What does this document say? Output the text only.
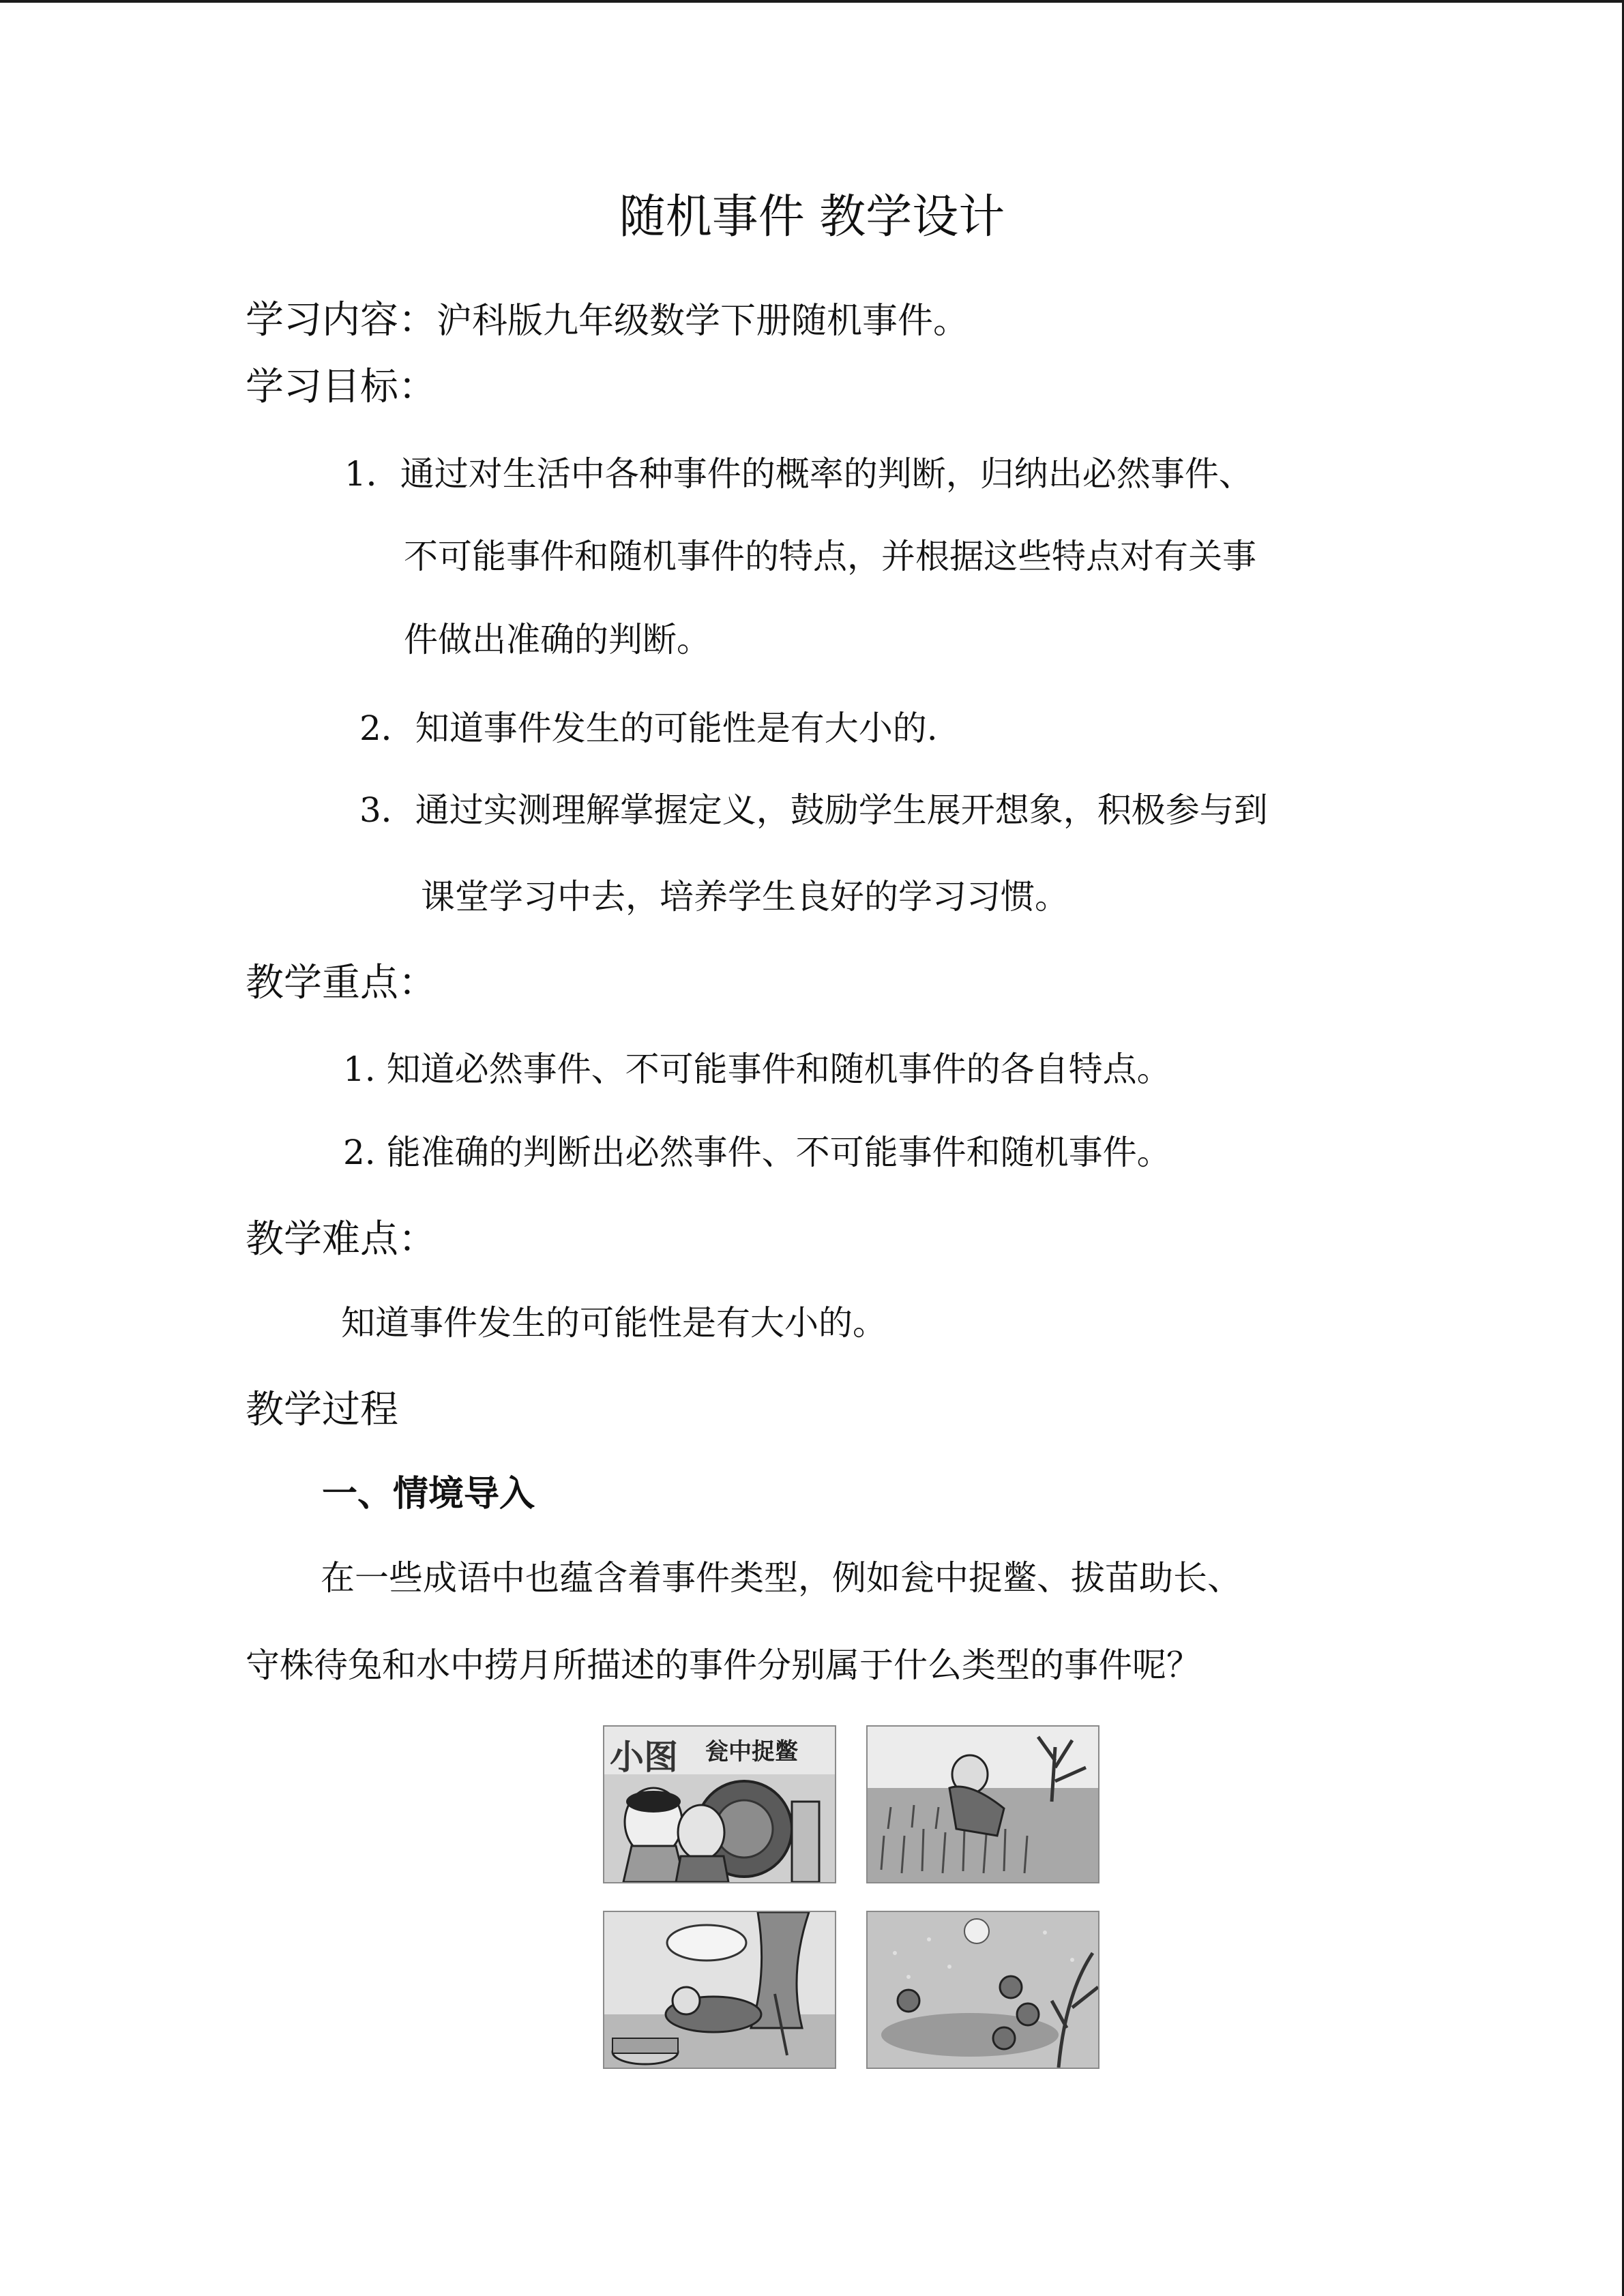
随机事件 教学设计
学习内容：沪科版九年级数学下册随机事件。
学习目标：
1．通过对生活中各种事件的概率的判断，归纳出必然事件、
不可能事件和随机事件的特点，并根据这些特点对有关事
件做出准确的判断。
2．知道事件发生的可能性是有大小的.
3．通过实测理解掌握定义，鼓励学生展开想象，积极参与到
课堂学习中去，培养学生良好的学习习惯。
教学重点：
1. 知道必然事件、不可能事件和随机事件的各自特点。
2. 能准确的判断出必然事件、不可能事件和随机事件。
教学难点：
知道事件发生的可能性是有大小的。
教学过程
一、情境导入
在一些成语中也蕴含着事件类型，例如瓮中捉鳖、拔苗助长、
守株待兔和水中捞月所描述的事件分别属于什么类型的事件呢？
小图 瓮中捉鳖
